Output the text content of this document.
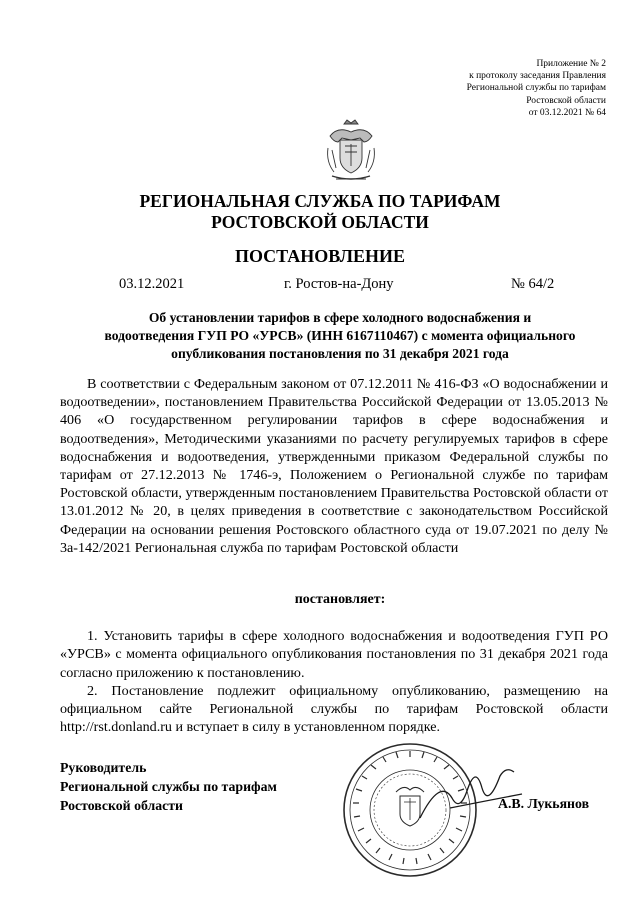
Приложение № 2
к протоколу заседания Правления
Региональной службы по тарифам
Ростовской области
от 03.12.2021 № 64
РЕГИОНАЛЬНАЯ СЛУЖБА ПО ТАРИФАМ
РОСТОВСКОЙ ОБЛАСТИ
ПОСТАНОВЛЕНИЕ
03.12.2021	г. Ростов-на-Дону	№ 64/2
Об установлении тарифов в сфере холодного водоснабжения и
водоотведения ГУП РО «УРСВ» (ИНН 6167110467) с момента официального
опубликования постановления по 31 декабря 2021 года

В соответствии с Федеральным законом от 07.12.2011 № 416-ФЗ «О водоснабжении и водоотведении», постановлением Правительства Российской Федерации от 13.05.2013 № 406 «О государственном регулировании тарифов в сфере водоснабжения и водоотведения», Методическими указаниями по расчету регулируемых тарифов в сфере водоснабжения и водоотведения, утвержденными приказом Федеральной службы по тарифам от 27.12.2013 № 1746-э, Положением о Региональной службе по тарифам Ростовской области, утвержденным постановлением Правительства Ростовской области от 13.01.2012 № 20, в целях приведения в соответствие с законодательством Российской Федерации на основании решения Ростовского областного суда от 19.07.2021 по делу № 3а-142/2021 Региональная служба по тарифам Ростовской области

постановляет:

1. Установить тарифы в сфере холодного водоснабжения и водоотведения ГУП РО «УРСВ» с момента официального опубликования постановления по 31 декабря 2021 года согласно приложению к постановлению.

2. Постановление подлежит официальному опубликованию, размещению на официальном сайте Региональной службы по тарифам Ростовской области http://rst.donland.ru и вступает в силу в установленном порядке.

Руководитель
Региональной службы по тарифам
Ростовской области	А.В. Лукьянов
